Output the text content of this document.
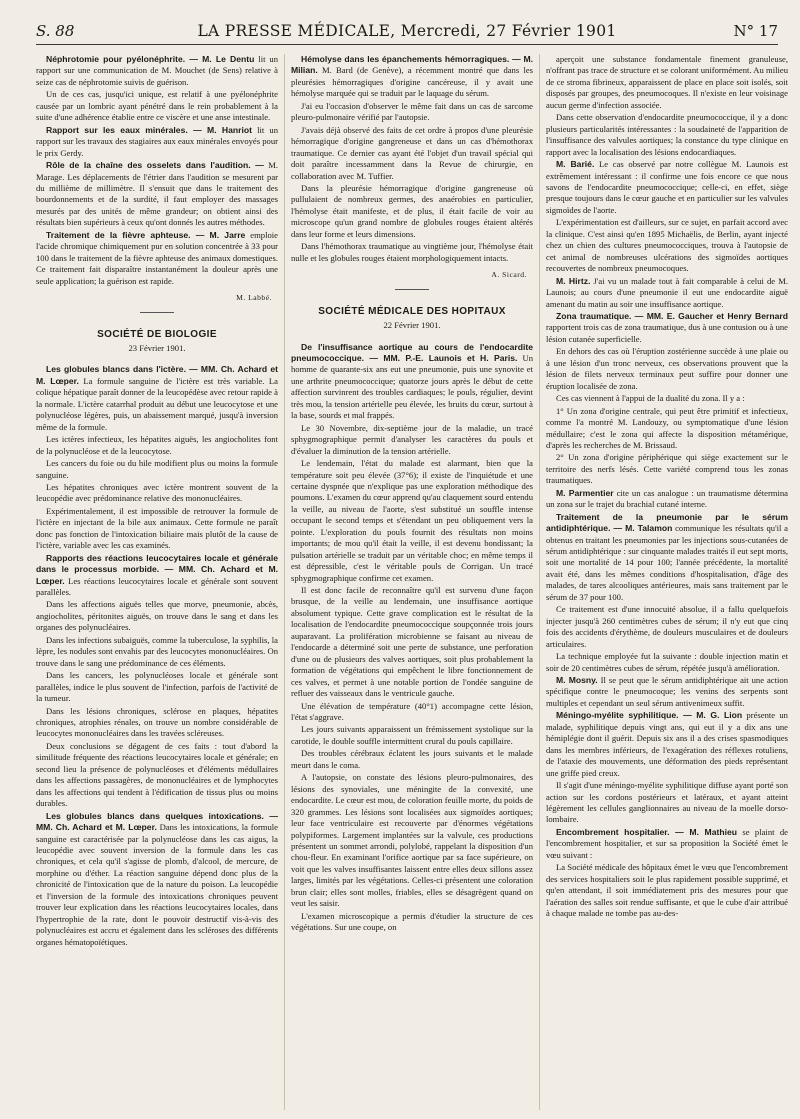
S. 88	LA PRESSE MÉDICALE, Mercredi, 27 Février 1901	N° 17

Néphrotomie pour pyélonéphrite. — M. Le Dentu lit un rapport sur une communication de M. Mouchet (de Sens) relative à seize cas de néphrotomie suivis de guérison.

Un de ces cas, jusqu'ici unique, est relatif à une pyélonéphrite causée par un lombric ayant pénétré dans le rein probablement à la suite d'une adhérence établie entre ce viscère et une anse intestinale.

Rapport sur les eaux minérales. — M. Hanriot lit un rapport sur les travaux des stagiaires aux eaux minérales envoyés pour le prix Gerdy.

Rôle de la chaîne des osselets dans l'audition. — M. Marage. Les déplacements de l'étrier dans l'audition se mesurent par du millième de millimètre. Il s'ensuit que dans le traitement des bourdonnements et de la surdité, il faut employer des massages mesurés par des unités de même grandeur; on obtient ainsi des résultats bien supérieurs à ceux qu'ont donnés les autres méthodes.

Traitement de la fièvre aphteuse. — M. Jarre emploie l'acide chromique chimiquement pur en solution concentrée à 33 pour 100 dans le traitement de la fièvre aphteuse des animaux domestiques. Ce traitement fait disparaître instantanément la douleur après une seule application; la guérison est rapide.

M. Labbé.

SOCIÉTÉ DE BIOLOGIE

23 Février 1901.

Les globules blancs dans l'ictère. — MM. Ch. Achard et M. Lœper. La formule sanguine de l'ictère est très variable. La colique hépatique paraît donner de la leucopédèse avec retour rapide à la normale. L'ictère catarrhal produit au début une leucocytose et une polynucléose légères, puis, un abaissement marqué, jusqu'à inversion même de la formule.

Les ictères infectieux, les hépatites aiguës, les angiocholites font de la polynucléose et de la leucocytose.

Les cancers du foie ou du hile modifient plus ou moins la formule sanguine.

Les hépatites chroniques avec ictère montrent souvent de la leucopédie avec prédominance relative des mononucléaires.

Expérimentalement, il est impossible de retrouver la formule de l'ictère en injectant de la bile aux animaux. Cette formule ne paraît donc pas fonction de l'intoxication biliaire mais plutôt de la cause de l'ictère, variable avec les cas examinés.

Rapports des réactions leucocytaires locale et générale dans le processus morbide. — MM. Ch. Achard et M. Lœper. Les réactions leucocytaires locale et générale sont souvent parallèles.

Dans les affections aiguës telles que morve, pneumonie, abcès, angiocholites, péritonites aiguës, on trouve dans le sang et dans les organes des polynucléaires.

Dans les infections subaiguës, comme la tuberculose, la syphilis, la lèpre, les nodules sont envahis par des leucocytes mononucléaires. On trouve dans le sang une prédominance de ces éléments.

Dans les cancers, les polynucléoses locale et générale sont parallèles, indice le plus souvent de l'infection, parfois de l'activité de la tumeur.

Dans les lésions chroniques, sclérose en plaques, hépatites chroniques, atrophies rénales, on trouve un nombre considérable de leucocytes mononucléaires dans les travées scléreuses.

Deux conclusions se dégagent de ces faits : tout d'abord la similitude fréquente des réactions leucocytaires locale et générale; en second lieu la présence de polynucléoses et d'éléments médullaires dans les affections passagères, de mononucléaires et de lymphocytes dans les affections qui tendent à l'édification de tissus plus ou moins durables.

Les globules blancs dans quelques intoxications. — MM. Ch. Achard et M. Lœper. Dans les intoxications, la formule sanguine est caractérisée par la polynucléose dans les cas aigus, la leucopédie avec souvent inversion de la formule dans les cas chroniques, et cela qu'il s'agisse de plomb, d'alcool, de mercure, de morphine ou d'éther. La réaction sanguine dépend donc plus de la chronicité de l'intoxication que de la nature du poison. La leucopédie et l'inversion de la formule des intoxications chroniques peuvent trouver leur explication dans les réactions leucocytaires locales, dans l'hypertrophie de la rate, dont le pouvoir destructif vis-à-vis des polynucléaires est accru et également dans les scléroses des différents organes hématopoïétiques.

Hémolyse dans les épanchements hémorragiques. — M. Milian. M. Bard (de Genève), a récemment montré que dans les pleurésies hémorragiques d'origine cancéreuse, il y avait une hémolyse marquée qui se traduit par le laquage du sérum.

J'ai eu l'occasion d'observer le même fait dans un cas de sarcome pleuro-pulmonaire vérifié par l'autopsie.

J'avais déjà observé des faits de cet ordre à propos d'une pleurésie hémorragique d'origine gangreneuse et dans un cas d'hémothorax traumatique. Ce dernier cas ayant été l'objet d'un travail spécial qui doit paraître incessamment dans la Revue de chirurgie, en collaboration avec M. Tuffier.

Dans la pleurésie hémorragique d'origine gangreneuse où pullulaient de nombreux germes, des anaérobies en particulier, l'hémolyse était manifeste, et de plus, il était facile de voir au microscope qu'un grand nombre de globules rouges étaient altérés dans leur forme et leurs dimensions.

Dans l'hémothorax traumatique au vingtième jour, l'hémolyse était nulle et les globules rouges étaient morphologiquement intacts.

A. Sicard.

SOCIÉTÉ MÉDICALE DES HOPITAUX

22 Février 1901.

De l'insuffisance aortique au cours de l'endocardite pneumococcique. — MM. P.-E. Launois et H. Paris. Un homme de quarante-six ans eut une pneumonie, puis une synovite et une arthrite pneumococcique; quatorze jours après le début de cette affection survinrent des troubles cardiaques; le pouls, régulier, devint très mou, la tension artérielle peu élevée, les bruits du cœur, surtout à la base, sourds et mal frappés.

Le 30 Novembre, dix-septième jour de la maladie, un tracé sphygmographique permit d'analyser les caractères du pouls et d'évaluer la diminution de la tension artérielle.

Le lendemain, l'état du malade est alarmant, bien que la température soit peu élevée (37°6); il existe de l'inquiétude et une certaine dyspnée que n'explique pas une exploration méthodique des poumons. L'examen du cœur apprend qu'au claquement sourd entendu la veille, au niveau de l'aorte, s'est substitué un souffle intense occupant le second temps et s'étendant un peu obliquement vers la pointe. L'exploration du pouls fournit des résultats non moins importants; de mou qu'il était la veille, il est devenu bondissant; la pulsation artérielle se traduit par un véritable choc; en même temps il est dépressible, c'est le véritable pouls de Corrigan. Un tracé sphygmographique confirme cet examen.

Il est donc facile de reconnaître qu'il est survenu d'une façon brusque, de la veille au lendemain, une insuffisance aortique absolument typique. Cette grave complication est le résultat de la localisation de l'endocardite pneumococcique soupçonnée trois jours auparavant. La prolifération microbienne se faisant au niveau de l'endocarde a déterminé soit une perte de substance, une perforation d'une ou de plusieurs des valves aortiques, soit plus probablement la formation de végétations qui empêchent le libre fonctionnement de ces valves, et permet à une notable portion de l'ondée sanguine de refluer des vaisseaux dans le ventricule gauche.

Une élévation de température (40°1) accompagne cette lésion, l'état s'aggrave.

Les jours suivants apparaissent un frémissement systolique sur la carotide, le double souffle intermittent crural du pouls capillaire.

Des troubles cérébraux éclatent les jours suivants et le malade meurt dans le coma.

A l'autopsie, on constate des lésions pleuro-pulmonaires, des lésions des synoviales, une méningite de la convexité, une endocardite. Le cœur est mou, de coloration feuille morte, du poids de 320 grammes. Les lésions sont localisées aux sigmoïdes aortiques; leur face ventriculaire est recouverte par d'énormes végétations polypiformes. Largement implantées sur la valvule, ces productions présentent un sommet arrondi, polylobé, rappelant la disposition d'un chou-fleur. En examinant l'orifice aortique par sa face supérieure, on voit que les valves insuffisantes laissent entre elles deux sillons assez larges, limités par les végétations. Celles-ci présentent une coloration brun clair; elles sont molles, friables, elles se désagrègent quand on veut les saisir.

L'examen microscopique a permis d'étudier la structure de ces végétations. Sur une coupe, on

aperçoit une substance fondamentale finement granuleuse, n'offrant pas trace de structure et se colorant uniformément. Au milieu de ce stroma fibrineux, apparaissent de place en place soit isolés, soit disposés par groupes, des pneumocoques. Il n'existe en leur voisinage aucun germe d'infection associée.

Dans cette observation d'endocardite pneumococcique, il y a donc plusieurs particularités intéressantes : la soudaineté de l'apparition de l'insuffisance des valvules aortiques; la constance du type clinique en rapport avec la localisation des lésions endocardiaques.

M. Barié. Le cas observé par notre collègue M. Launois est extrêmement intéressant : il confirme une fois encore ce que nous savons de l'endocardite pneumococcique; celle-ci, en effet, siège presque toujours dans le cœur gauche et en particulier sur les valvules sigmoïdes de l'aorte.

L'expérimentation est d'ailleurs, sur ce sujet, en parfait accord avec la clinique. C'est ainsi qu'en 1895 Michaëlis, de Berlin, ayant injecté chez un chien des cultures pneumococciques, trouva à l'autopsie de cet animal de nombreuses ulcérations des sigmoïdes aortiques recouvertes de nombreux pneumocoques.

M. Hirtz. J'ai vu un malade tout à fait comparable à celui de M. Launois; au cours d'une pneumonie il eut une endocardite aiguë amenant du matin au soir une insuffisance aortique.

Zona traumatique. — MM. E. Gaucher et Henry Bernard rapportent trois cas de zona traumatique, dus à une contusion ou à une lésion cutanée superficielle.

En dehors des cas où l'éruption zostérienne succède à une plaie ou à une lésion d'un tronc nerveux, ces observations prouvent que la lésion de filets nerveux terminaux peut suffire pour donner une éruption localisée de zona.

Ces cas viennent à l'appui de la dualité du zona. Il y a :

1° Un zona d'origine centrale, qui peut être primitif et infectieux, comme l'a montré M. Landouzy, ou symptomatique d'une lésion médullaire; c'est le zona qui affecte la disposition métamérique, d'après les recherches de M. Brissaud.

2° Un zona d'origine périphérique qui siège exactement sur le territoire des nerfs lésés. Cette variété comprend tous les zonas traumatiques.

M. Parmentier cite un cas analogue : un traumatisme détermina un zona sur le trajet du brachial cutané interne.

Traitement de la pneumonie par le sérum antidiphtérique. — M. Talamon communique les résultats qu'il a obtenus en traitant les pneumonies par les injections sous-cutanées de sérum antidiphtérique : sur cinquante malades traités il eut sept morts, soit une mortalité de 14 pour 100; l'année précédente, la mortalité avait été, dans les mêmes conditions d'hospitalisation, d'âge des malades, de tares alcooliques antérieures, mais sans traitement par le sérum de 37 pour 100.

Ce traitement est d'une innocuité absolue, il a fallu quelquefois injecter jusqu'à 260 centimètres cubes de sérum; il n'y eut que cinq fois des accidents d'érythème, de douleurs musculaires et de douleurs articulaires.

La technique employée fut la suivante : double injection matin et soir de 20 centimètres cubes de sérum, répétée jusqu'à amélioration.

M. Mosny. Il se peut que le sérum antidiphtérique ait une action spécifique contre le pneumocoque; les venins des serpents sont multiples et cependant un seul sérum antivenimeux suffit.

Méningo-myélite syphilitique. — M. G. Lion présente un malade, syphilitique depuis vingt ans, qui eut il y a dix ans une hémiplégie dont il guérit. Depuis six ans il a des crises spasmodiques dans les membres inférieurs, de l'exagération des réflexes rotuliens, de l'ataxie des mouvements, une déformation des pieds représentant une griffe pied creux.

Il s'agit d'une méningo-myélite syphilitique diffuse ayant porté son action sur les cordons postérieurs et latéraux, et ayant atteint légèrement les cellules ganglionnaires au niveau de la moelle dorso-lombaire.

Encombrement hospitalier. — M. Mathieu se plaint de l'encombrement hospitalier, et sur sa proposition la Société émet le vœu suivant :

La Société médicale des hôpitaux émet le vœu que l'encombrement des services hospitaliers soit le plus rapidement possible supprimé, et qu'en attendant, il soit immédiatement pris des mesures pour que l'aération des salles soit rendue suffisante, et que le cube d'air attribué à chaque malade ne tombe pas au-des-
